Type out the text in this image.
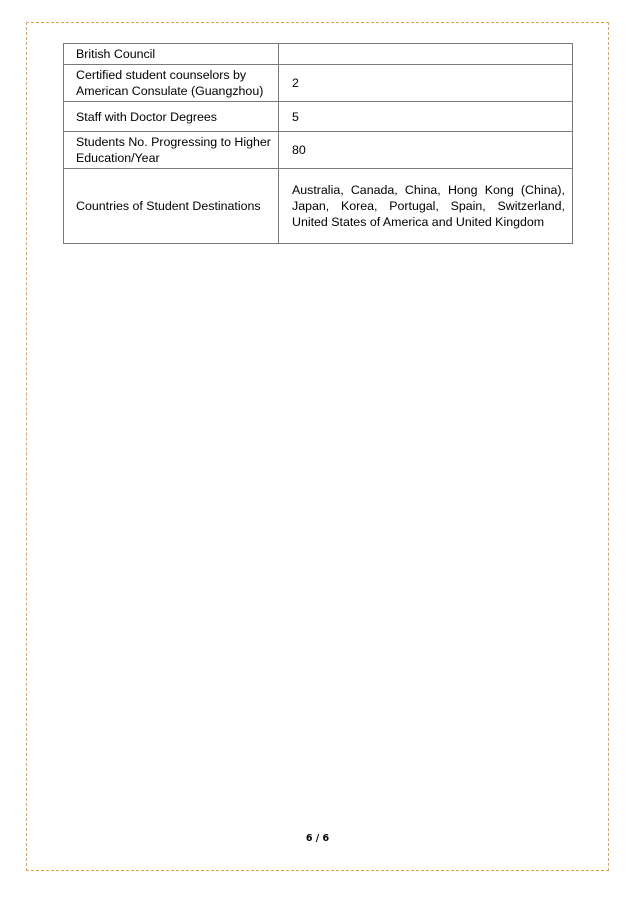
British Council	
Certified student counselors by American Consulate (Guangzhou)	2
Staff with Doctor Degrees	5
Students No. Progressing to Higher Education/Year	80
Countries of Student Destinations	Australia, Canada, China, Hong Kong (China), Japan, Korea, Portugal, Spain, Switzerland, United States of America and United Kingdom
6 / 6
